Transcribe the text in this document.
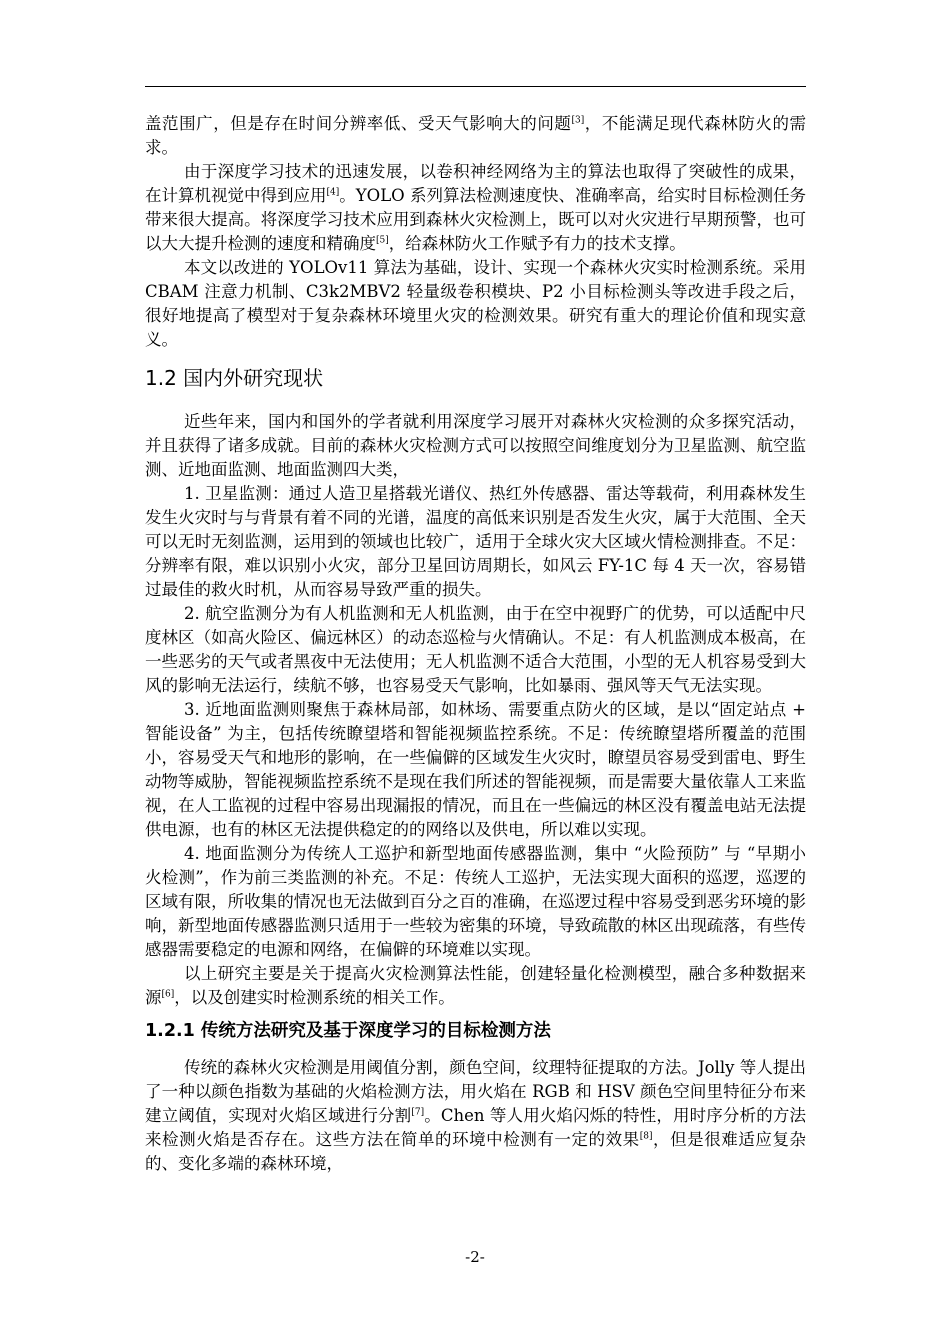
盖范围广，但是存在时间分辨率低、受天气影响大的问题[3]，不能满足现代森林防火的需求。

由于深度学习技术的迅速发展，以卷积神经网络为主的算法也取得了突破性的成果，在计算机视觉中得到应用[4]。YOLO 系列算法检测速度快、准确率高，给实时目标检测任务带来很大提高。将深度学习技术应用到森林火灾检测上，既可以对火灾进行早期预警，也可以大大提升检测的速度和精确度[5]，给森林防火工作赋予有力的技术支撑。

本文以改进的 YOLOv11 算法为基础，设计、实现一个森林火灾实时检测系统。采用 CBAM 注意力机制、C3k2MBV2 轻量级卷积模块、P2 小目标检测头等改进手段之后，很好地提高了模型对于复杂森林环境里火灾的检测效果。研究有重大的理论价值和现实意义。

1.2 国内外研究现状

近些年来，国内和国外的学者就利用深度学习展开对森林火灾检测的众多探究活动，并且获得了诸多成就。目前的森林火灾检测方式可以按照空间维度划分为卫星监测、航空监测、近地面监测、地面监测四大类，

1. 卫星监测：通过人造卫星搭载光谱仪、热红外传感器、雷达等载荷，利用森林发生发生火灾时与与背景有着不同的光谱，温度的高低来识别是否发生火灾，属于大范围、全天可以无时无刻监测，运用到的领域也比较广，适用于全球火灾大区域火情检测排查。不足：分辨率有限，难以识别小火灾，部分卫星回访周期长，如风云 FY-1C 每 4 天一次，容易错过最佳的救火时机，从而容易导致严重的损失。

2. 航空监测分为有人机监测和无人机监测，由于在空中视野广的优势，可以适配中尺度林区（如高火险区、偏远林区）的动态巡检与火情确认。不足：有人机监测成本极高，在一些恶劣的天气或者黑夜中无法使用；无人机监测不适合大范围，小型的无人机容易受到大风的影响无法运行，续航不够，也容易受天气影响，比如暴雨、强风等天气无法实现。

3. 近地面监测则聚焦于森林局部，如林场、需要重点防火的区域，是以“固定站点 + 智能设备” 为主，包括传统瞭望塔和智能视频监控系统。不足：传统瞭望塔所覆盖的范围小，容易受天气和地形的影响，在一些偏僻的区域发生火灾时，瞭望员容易受到雷电、野生动物等威胁，智能视频监控系统不是现在我们所述的智能视频，而是需要大量依靠人工来监视，在人工监视的过程中容易出现漏报的情况，而且在一些偏远的林区没有覆盖电站无法提供电源，也有的林区无法提供稳定的的网络以及供电，所以难以实现。

4. 地面监测分为传统人工巡护和新型地面传感器监测，集中 “火险预防” 与 “早期小火检测”，作为前三类监测的补充。不足：传统人工巡护，无法实现大面积的巡逻，巡逻的区域有限，所收集的情况也无法做到百分之百的准确，在巡逻过程中容易受到恶劣环境的影响，新型地面传感器监测只适用于一些较为密集的环境，导致疏散的林区出现疏落，有些传感器需要稳定的电源和网络，在偏僻的环境难以实现。

以上研究主要是关于提高火灾检测算法性能，创建轻量化检测模型，融合多种数据来源[6]，以及创建实时检测系统的相关工作。

1.2.1 传统方法研究及基于深度学习的目标检测方法

传统的森林火灾检测是用阈值分割，颜色空间，纹理特征提取的方法。Jolly 等人提出了一种以颜色指数为基础的火焰检测方法，用火焰在 RGB 和 HSV 颜色空间里特征分布来建立阈值，实现对火焰区域进行分割[7]。Chen 等人用火焰闪烁的特性，用时序分析的方法来检测火焰是否存在。这些方法在简单的环境中检测有一定的效果[8]，但是很难适应复杂的、变化多端的森林环境，

-2-
